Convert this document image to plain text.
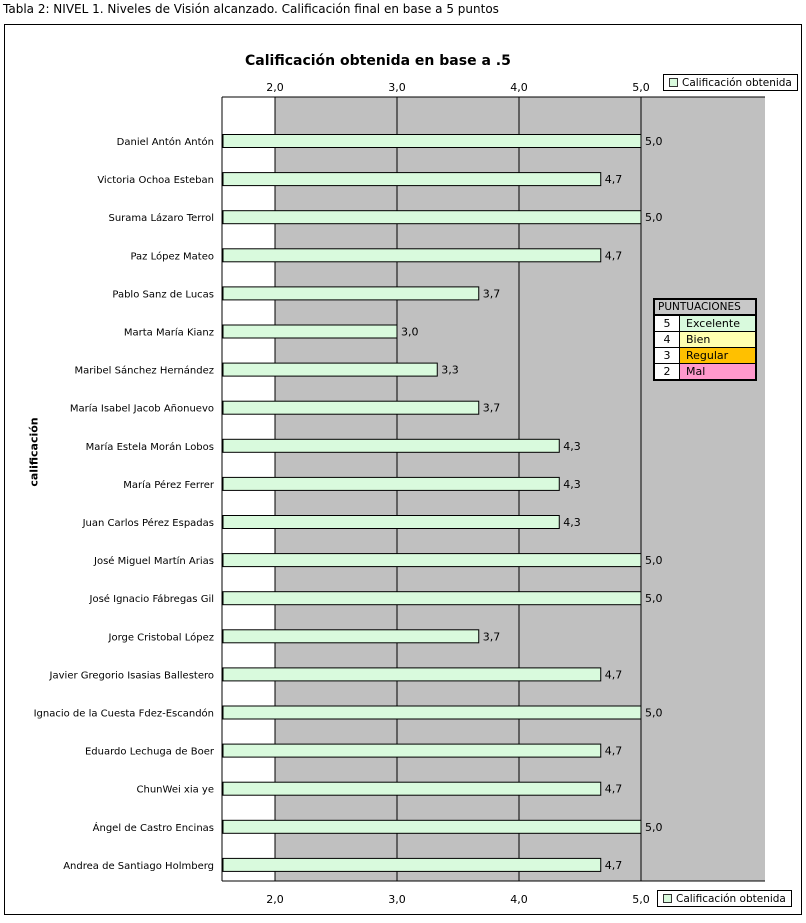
Tabla 2: NIVEL 1. Niveles de Visión alcanzado. Calificación final en base a 5 puntos
Calificación obtenida en base a .5
calificación
Calificación obtenida
Calificación obtenida
2,0
2,0
3,0
3,0
4,0
4,0
5,0
5,0
5,0
Daniel Antón Antón
4,7
Victoria Ochoa Esteban
5,0
Surama Lázaro Terrol
4,7
Paz López Mateo
3,7
Pablo Sanz de Lucas
3,0
Marta María Kianz
3,3
Maribel Sánchez Hernández
3,7
María Isabel Jacob Añonuevo
4,3
María Estela Morán Lobos
4,3
María Pérez Ferrer
4,3
Juan Carlos Pérez Espadas
5,0
José Miguel Martín Arias
5,0
José Ignacio Fábregas Gil
3,7
Jorge Cristobal López
4,7
Javier Gregorio Isasias Ballestero
5,0
Ignacio de la Cuesta Fdez-Escandón
4,7
Eduardo Lechuga de Boer
4,7
ChunWei xia ye
5,0
Ángel de Castro Encinas
4,7
Andrea de Santiago Holmberg
PUNTUACIONES
5	Excelente
4	Bien
3	Regular
2	Mal
